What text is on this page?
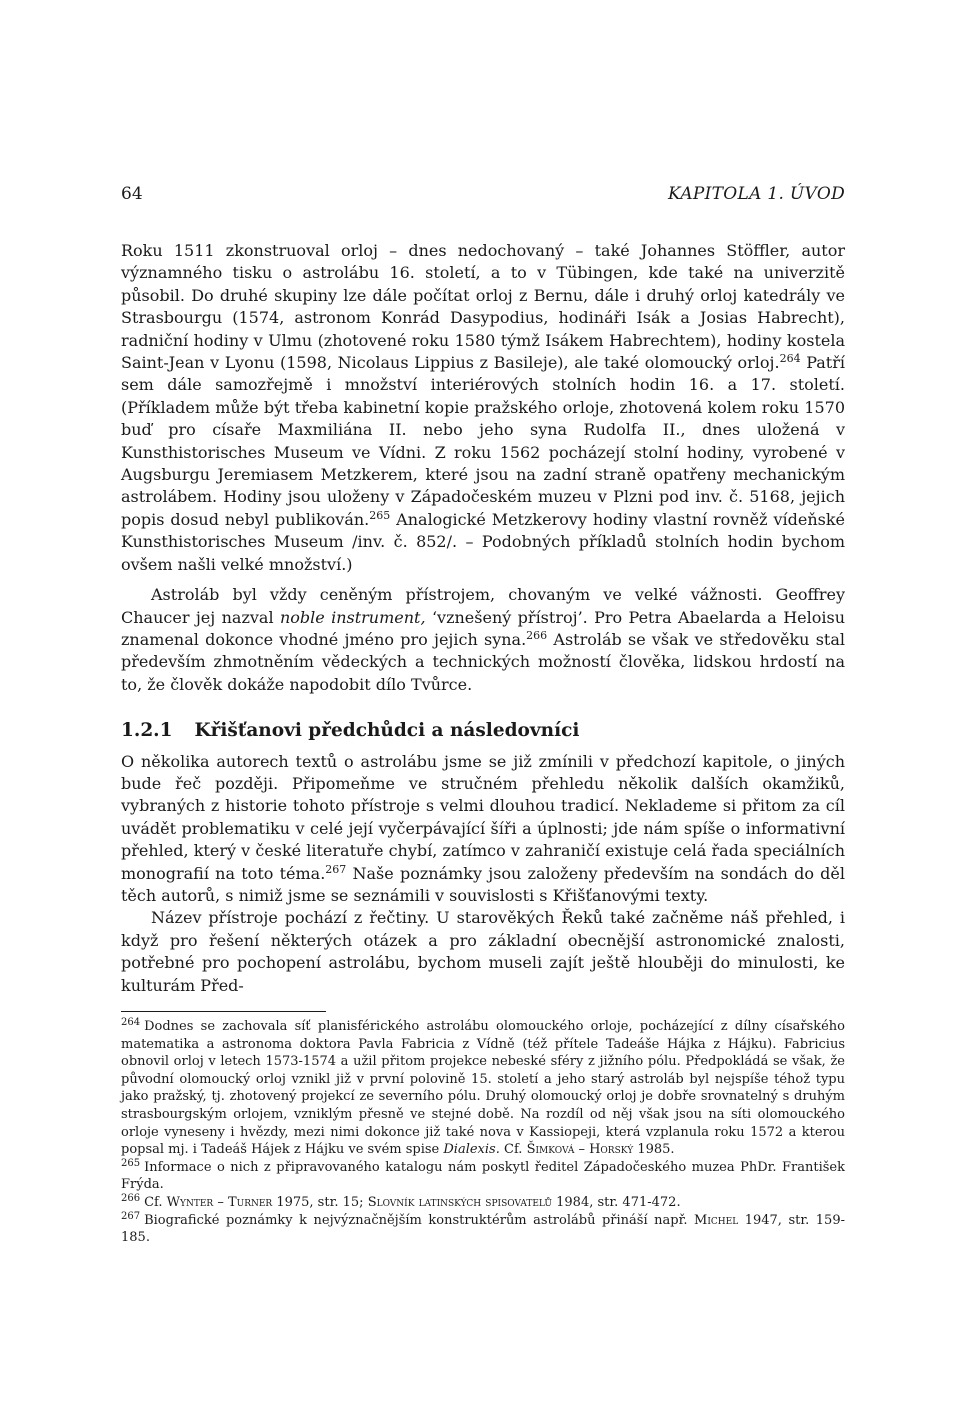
64	KAPITOLA 1. ÚVOD

Roku 1511 zkonstruoval orloj – dnes nedochovaný – také Johannes Stöffler, autor významného tisku o astrolábu 16. století, a to v Tübingen, kde také na univerzitě působil. Do druhé skupiny lze dále počítat orloj z Bernu, dále i druhý orloj katedrály ve Strasbourgu (1574, astronom Konrád Dasypodius, hodináři Isák a Josias Habrecht), radniční hodiny v Ulmu (zhotovené roku 1580 týmž Isákem Habrechtem), hodiny kostela Saint-Jean v Lyonu (1598, Nicolaus Lippius z Basileje), ale také olomoucký orloj.$^{264}$ Patří sem dále samozřejmě i množství interiérových stolních hodin 16. a 17. století. (Příkladem může být třeba kabinetní kopie pražského orloje, zhotovená kolem roku 1570 buď pro císaře Maxmiliána II. nebo jeho syna Rudolfa II., dnes uložená v Kunsthistorisches Museum ve Vídni. Z roku 1562 pocházejí stolní hodiny, vyrobené v Augsburgu Jeremiasem Metzkerem, které jsou na zadní straně opatřeny mechanickým astrolábem. Hodiny jsou uloženy v Západočeském muzeu v Plzni pod inv. č. 5168, jejich popis dosud nebyl publikován.$^{265}$ Analogické Metzkerovy hodiny vlastní rovněž vídeňské Kunsthistorisches Museum /inv. č. 852/. – Podobných příkladů stolních hodin bychom ovšem našli velké množství.)

Astroláb byl vždy ceněným přístrojem, chovaným ve velké vážnosti. Geoffrey Chaucer jej nazval noble instrument, ‘vznešený přístroj’. Pro Petra Abaelarda a Heloisu znamenal dokonce vhodné jméno pro jejich syna.$^{266}$ Astroláb se však ve středověku stal především zhmotněním vědeckých a technických možností člověka, lidskou hrdostí na to, že člověk dokáže napodobit dílo Tvůrce.

1.2.1 Křišťanovi předchůdci a následovníci

O několika autorech textů o astrolábu jsme se již zmínili v předchozí kapitole, o jiných bude řeč později. Připomeňme ve stručném přehledu několik dalších okamžiků, vybraných z historie tohoto přístroje s velmi dlouhou tradicí. Neklademe si přitom za cíl uvádět problematiku v celé její vyčerpávající šíři a úplnosti; jde nám spíše o informativní přehled, který v české literatuře chybí, zatímco v zahraničí existuje celá řada speciálních monografií na toto téma.$^{267}$ Naše poznámky jsou založeny především na sondách do děl těch autorů, s nimiž jsme se seznámili v souvislosti s Křišťanovými texty.

Název přístroje pochází z řečtiny. U starověkých Řeků také začněme náš přehled, i když pro řešení některých otázek a pro základní obecnější astronomické znalosti, potřebné pro pochopení astrolábu, bychom museli zajít ještě hlouběji do minulosti, ke kulturám Před-

$^{264}$ Dodnes se zachovala síť planisférického astrolábu olomouckého orloje, pocházející z dílny císařského matematika a astronoma doktora Pavla Fabricia z Vídně (též přítele Tadeáše Hájka z Hájku). Fabricius obnovil orloj v letech 1573-1574 a užil přitom projekce nebeské sféry z jižního pólu. Předpokládá se však, že původní olomoucký orloj vznikl již v první polovině 15. století a jeho starý astroláb byl nejspíše téhož typu jako pražský, tj. zhotovený projekcí ze severního pólu. Druhý olomoucký orloj je dobře srovnatelný s druhým strasbourgským orlojem, vzniklým přesně ve stejné době. Na rozdíl od něj však jsou na síti olomouckého orloje vyneseny i hvězdy, mezi nimi dokonce již také nova v Kassiopeji, která vzplanula roku 1572 a kterou popsal mj. i Tadeáš Hájek z Hájku ve svém spise Dialexis. Cf. Šimková – Horský 1985.

$^{265}$ Informace o nich z připravovaného katalogu nám poskytl ředitel Západočeského muzea PhDr. František Frýda.

$^{266}$ Cf. Wynter – Turner 1975, str. 15; Slovník latinských spisovatelů 1984, str. 471-472.

$^{267}$ Biografické poznámky k nejvýznačnějším konstruktérům astrolábů přináší např. Michel 1947, str. 159-185.
